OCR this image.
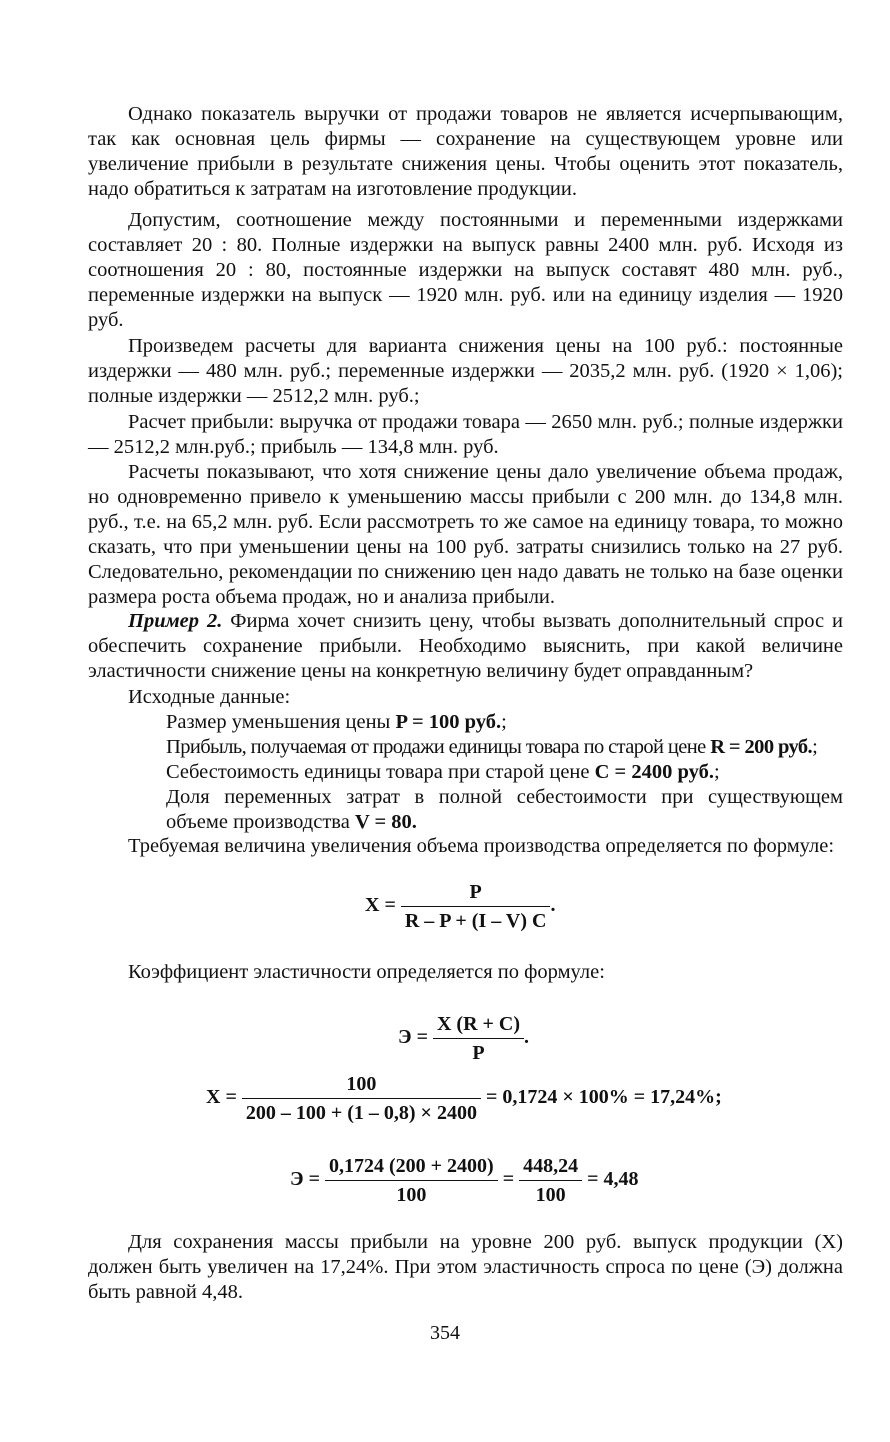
Однако показатель выручки от продажи товаров не является исчерпывающим, так как основная цель фирмы — сохранение на существующем уровне или увеличение прибыли в результате снижения цены. Чтобы оценить этот показатель, надо обратиться к затратам на изготовление продукции.

Допустим, соотношение между постоянными и переменными издержками составляет 20 : 80. Полные издержки на выпуск равны 2400 млн. руб. Исходя из соотношения 20 : 80, постоянные издержки на выпуск составят 480 млн. руб., переменные издержки на выпуск — 1920 млн. руб. или на единицу изделия — 1920 руб.

Произведем расчеты для варианта снижения цены на 100 руб.: постоянные издержки — 480 млн. руб.; переменные издержки — 2035,2 млн. руб. (1920 × 1,06); полные издержки — 2512,2 млн. руб.;

Расчет прибыли: выручка от продажи товара — 2650 млн. руб.; полные издержки — 2512,2 млн.руб.; прибыль — 134,8 млн. руб.

Расчеты показывают, что хотя снижение цены дало увеличение объема продаж, но одновременно привело к уменьшению массы прибыли с 200 млн. до 134,8 млн. руб., т.е. на 65,2 млн. руб. Если рассмотреть то же самое на единицу товара, то можно сказать, что при уменьшении цены на 100 руб. затраты снизились только на 27 руб. Следовательно, рекомендации по снижению цен надо давать не только на базе оценки размера роста объема продаж, но и анализа прибыли.

Пример 2. Фирма хочет снизить цену, чтобы вызвать дополнительный спрос и обеспечить сохранение прибыли. Необходимо выяснить, при какой величине эластичности снижение цены на конкретную величину будет оправданным?

Исходные данные:

Размер уменьшения цены P = 100 руб.;

Прибыль, получаемая от продажи единицы товара по старой цене R = 200 руб.;

Себестоимость единицы товара при старой цене C = 2400 руб.;

Доля переменных затрат в полной себестоимости при существующем объеме производства V = 80.

Требуемая величина увеличения объема производства определяется по формуле:

$X = \frac{P}{R - P + (I - V) C}$ .

Коэффициент эластичности определяется по формуле:

$Э = \frac{X (R + C)}{P}$ .
$X = \frac{100}{200 - 100 + (1 - 0,8) \times 2400} = 0,1724 \times 100\% = 17,24\%$;
$Э = \frac{0,1724 (200 + 2400)}{100} = \frac{448,24}{100} = 4,48$

Для сохранения массы прибыли на уровне 200 руб. выпуск продукции (X) должен быть увеличен на 17,24%. При этом эластичность спроса по цене (Э) должна быть равной 4,48.

354
